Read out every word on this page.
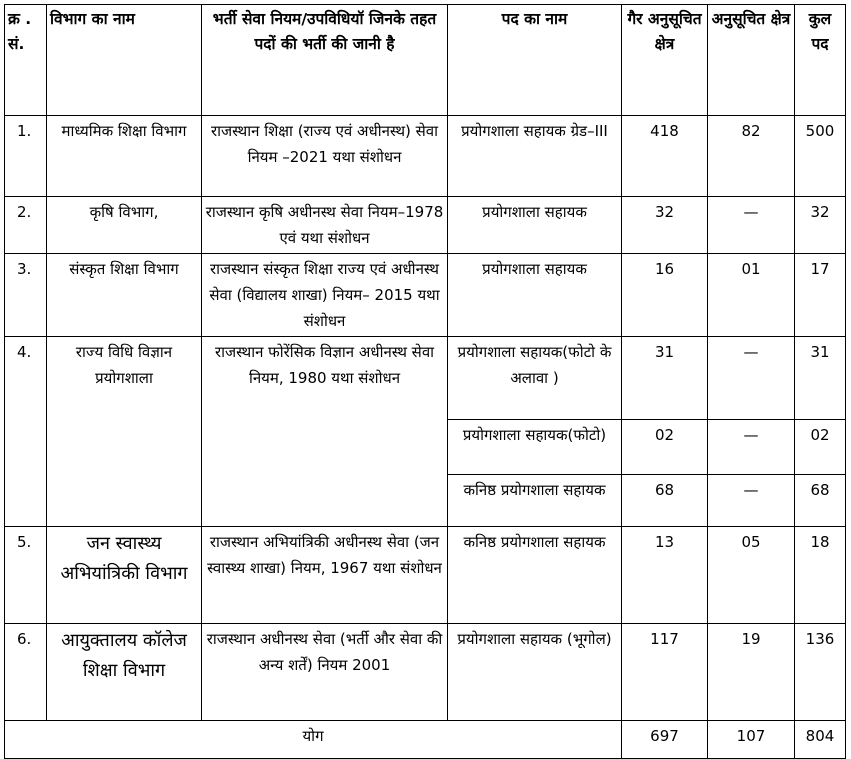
क्र . सं.	विभाग का नाम	भर्ती सेवा नियम/उपविधियॉ जिनके तहत पदों की भर्ती की जानी है	पद का नाम	गैर अनुसूचित क्षेत्र	अनुसूचित क्षेत्र	कुल पद
1.	माध्यमिक शिक्षा विभाग	राजस्थान शिक्षा (राज्य एवं अधीनस्थ) सेवा नियम –2021 यथा संशोधन	प्रयोगशाला सहायक ग्रेड–III	418	82	500
2.	कृषि विभाग,	राजस्थान कृषि अधीनस्थ सेवा नियम–1978 एवं यथा संशोधन	प्रयोगशाला सहायक	32	—	32
3.	संस्कृत शिक्षा विभाग	राजस्थान संस्कृत शिक्षा राज्य एवं अधीनस्थ सेवा (विद्यालय शाखा) नियम– 2015 यथा संशोधन	प्रयोगशाला सहायक	16	01	17
4.	राज्य विधि विज्ञान प्रयोगशाला	राजस्थान फोरेंसिक विज्ञान अधीनस्थ सेवा नियम, 1980 यथा संशोधन	प्रयोगशाला सहायक(फोटो के अलावा )	31	—	31
			प्रयोगशाला सहायक(फोटो)	02	—	02
			कनिष्ठ प्रयोगशाला सहायक	68	—	68
5.	जन स्वास्थ्य अभियांत्रिकी विभाग	राजस्थान अभियांत्रिकी अधीनस्थ सेवा (जन स्वास्थ्य शाखा) नियम, 1967 यथा संशोधन	कनिष्ठ प्रयोगशाला सहायक	13	05	18
6.	आयुक्तालय कॉलेज शिक्षा विभाग	राजस्थान अधीनस्थ सेवा (भर्ती और सेवा की अन्य शर्तें) नियम 2001	प्रयोगशाला सहायक (भूगोल)	117	19	136
योग				697	107	804
